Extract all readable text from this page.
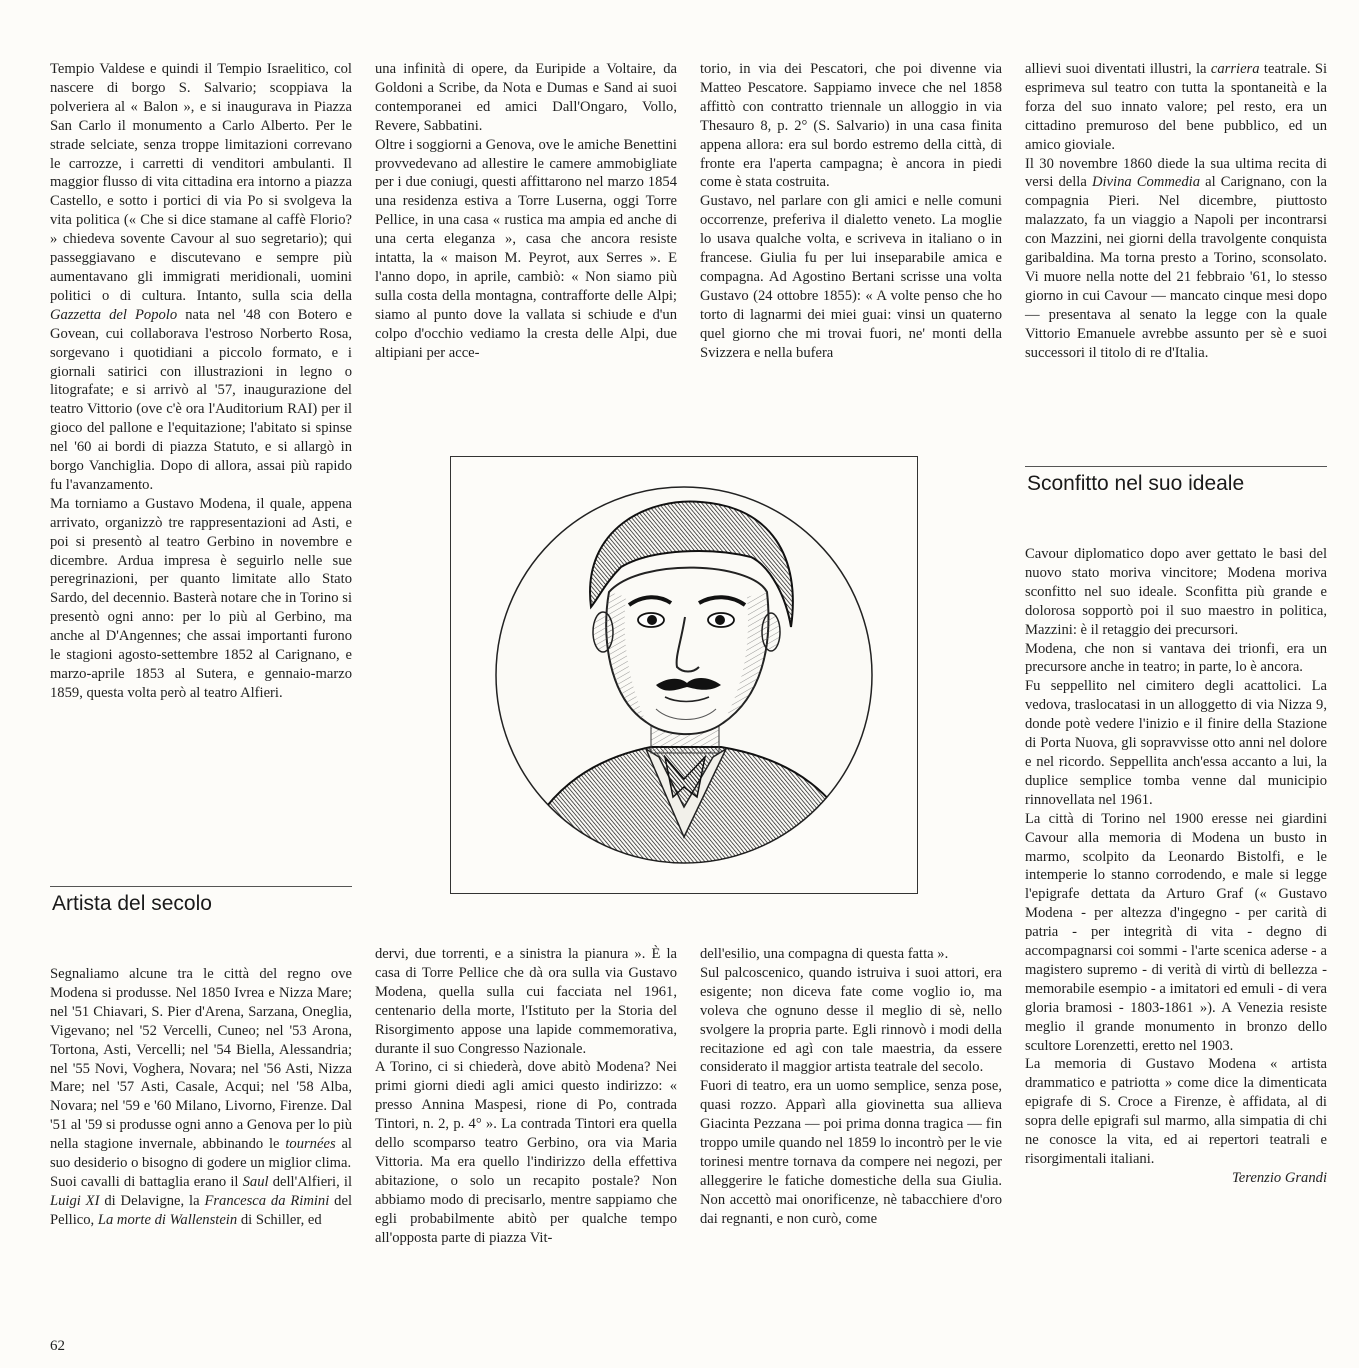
Tempio Valdese e quindi il Tempio Israelitico, col nascere di borgo S. Salvario; scoppiava la polveriera al « Balon », e si inaugurava in Piazza San Carlo il monumento a Carlo Alberto. Per le strade selciate, senza troppe limitazioni correvano le carrozze, i carretti di venditori ambulanti. Il maggior flusso di vita cittadina era intorno a piazza Castello, e sotto i portici di via Po si svolgeva la vita politica (« Che si dice stamane al caffè Florio? » chiedeva sovente Cavour al suo segretario); qui passeggiavano e discutevano e sempre più aumentavano gli immigrati meridionali, uomini politici o di cultura. Intanto, sulla scia della Gazzetta del Popolo nata nel '48 con Botero e Govean, cui collaborava l'estroso Norberto Rosa, sorgevano i quotidiani a piccolo formato, e i giornali satirici con illustrazioni in legno o litografate; e si arrivò al '57, inaugurazione del teatro Vittorio (ove c'è ora l'Auditorium RAI) per il gioco del pallone e l'equitazione; l'abitato si spinse nel '60 ai bordi di piazza Statuto, e si allargò in borgo Vanchiglia. Dopo di allora, assai più rapido fu l'avanzamento.

Ma torniamo a Gustavo Modena, il quale, appena arrivato, organizzò tre rappresentazioni ad Asti, e poi si presentò al teatro Gerbino in novembre e dicembre. Ardua impresa è seguirlo nelle sue peregrinazioni, per quanto limitate allo Stato Sardo, del decennio. Basterà notare che in Torino si presentò ogni anno: per lo più al Gerbino, ma anche al D'Angennes; che assai importanti furono le stagioni agosto-settembre 1852 al Carignano, e marzo-aprile 1853 al Sutera, e gennaio-marzo 1859, questa volta però al teatro Alfieri.

Artista del secolo

Segnaliamo alcune tra le città del regno ove Modena si produsse. Nel 1850 Ivrea e Nizza Mare; nel '51 Chiavari, S. Pier d'Arena, Sarzana, Oneglia, Vigevano; nel '52 Vercelli, Cuneo; nel '53 Arona, Tortona, Asti, Vercelli; nel '54 Biella, Alessandria; nel '55 Novi, Voghera, Novara; nel '56 Asti, Nizza Mare; nel '57 Asti, Casale, Acqui; nel '58 Alba, Novara; nel '59 e '60 Milano, Livorno, Firenze. Dal '51 al '59 si produsse ogni anno a Genova per lo più nella stagione invernale, abbinando le tournées al suo desiderio o bisogno di godere un miglior clima.

Suoi cavalli di battaglia erano il Saul dell'Alfieri, il Luigi XI di Delavigne, la Francesca da Rimini del Pellico, La morte di Wallenstein di Schiller, ed

una infinità di opere, da Euripide a Voltaire, da Goldoni a Scribe, da Nota e Dumas e Sand ai suoi contemporanei ed amici Dall'Ongaro, Vollo, Revere, Sabbatini.

Oltre i soggiorni a Genova, ove le amiche Benettini provvedevano ad allestire le camere ammobigliate per i due coniugi, questi affittarono nel marzo 1854 una residenza estiva a Torre Luserna, oggi Torre Pellice, in una casa « rustica ma ampia ed anche di una certa eleganza », casa che ancora resiste intatta, la « maison M. Peyrot, aux Serres ». E l'anno dopo, in aprile, cambiò: « Non siamo più sulla costa della montagna, contrafforte delle Alpi; siamo al punto dove la vallata si schiude e d'un colpo d'occhio vediamo la cresta delle Alpi, due altipiani per acce-

torio, in via dei Pescatori, che poi divenne via Matteo Pescatore. Sappiamo invece che nel 1858 affittò con contratto triennale un alloggio in via Thesauro 8, p. 2° (S. Salvario) in una casa finita appena allora: era sul bordo estremo della città, di fronte era l'aperta campagna; è ancora in piedi come è stata costruita.

Gustavo, nel parlare con gli amici e nelle comuni occorrenze, preferiva il dialetto veneto. La moglie lo usava qualche volta, e scriveva in italiano o in francese. Giulia fu per lui inseparabile amica e compagna. Ad Agostino Bertani scrisse una volta Gustavo (24 ottobre 1855): « A volte penso che ho torto di lagnarmi dei miei guai: vinsi un quaterno quel giorno che mi trovai fuori, ne' monti della Svizzera e nella bufera

dervi, due torrenti, e a sinistra la pianura ». È la casa di Torre Pellice che dà ora sulla via Gustavo Modena, quella sulla cui facciata nel 1961, centenario della morte, l'Istituto per la Storia del Risorgimento appose una lapide commemorativa, durante il suo Congresso Nazionale.

A Torino, ci si chiederà, dove abitò Modena? Nei primi giorni diedi agli amici questo indirizzo: « presso Annina Maspesi, rione di Po, contrada Tintori, n. 2, p. 4° ». La contrada Tintori era quella dello scomparso teatro Gerbino, ora via Maria Vittoria. Ma era quello l'indirizzo della effettiva abitazione, o solo un recapito postale? Non abbiamo modo di precisarlo, mentre sappiamo che egli probabilmente abitò per qualche tempo all'opposta parte di piazza Vit-

dell'esilio, una compagna di questa fatta ».

Sul palcoscenico, quando istruiva i suoi attori, era esigente; non diceva fate come voglio io, ma voleva che ognuno desse il meglio di sè, nello svolgere la propria parte. Egli rinnovò i modi della recitazione ed agì con tale maestria, da essere considerato il maggior artista teatrale del secolo.

Fuori di teatro, era un uomo semplice, senza pose, quasi rozzo. Apparì alla giovinetta sua allieva Giacinta Pezzana — poi prima donna tragica — fin troppo umile quando nel 1859 lo incontrò per le vie torinesi mentre tornava da compere nei negozi, per alleggerire le fatiche domestiche della sua Giulia. Non accettò mai onorificenze, nè tabacchiere d'oro dai regnanti, e non curò, come

allievi suoi diventati illustri, la carriera teatrale. Si esprimeva sul teatro con tutta la spontaneità e la forza del suo innato valore; pel resto, era un cittadino premuroso del bene pubblico, ed un amico gioviale.

Il 30 novembre 1860 diede la sua ultima recita di versi della Divina Commedia al Carignano, con la compagnia Pieri. Nel dicembre, piuttosto malazzato, fa un viaggio a Napoli per incontrarsi con Mazzini, nei giorni della travolgente conquista garibaldina. Ma torna presto a Torino, sconsolato. Vi muore nella notte del 21 febbraio '61, lo stesso giorno in cui Cavour — mancato cinque mesi dopo — presentava al senato la legge con la quale Vittorio Emanuele avrebbe assunto per sè e suoi successori il titolo di re d'Italia.

Sconfitto nel suo ideale

Cavour diplomatico dopo aver gettato le basi del nuovo stato moriva vincitore; Modena moriva sconfitto nel suo ideale. Sconfitta più grande e dolorosa sopportò poi il suo maestro in politica, Mazzini: è il retaggio dei precursori.

Modena, che non si vantava dei trionfi, era un precursore anche in teatro; in parte, lo è ancora.

Fu seppellito nel cimitero degli acattolici. La vedova, traslocatasi in un alloggetto di via Nizza 9, donde potè vedere l'inizio e il finire della Stazione di Porta Nuova, gli sopravvisse otto anni nel dolore e nel ricordo. Seppellita anch'essa accanto a lui, la duplice semplice tomba venne dal municipio rinnovellata nel 1961.

La città di Torino nel 1900 eresse nei giardini Cavour alla memoria di Modena un busto in marmo, scolpito da Leonardo Bistolfi, e le intemperie lo stanno corrodendo, e male si legge l'epigrafe dettata da Arturo Graf (« Gustavo Modena - per altezza d'ingegno - per carità di patria - per integrità di vita - degno di accompagnarsi coi sommi - l'arte scenica aderse - a magistero supremo - di verità di virtù di bellezza - memorabile esempio - a imitatori ed emuli - di vera gloria bramosi - 1803-1861 »). A Venezia resiste meglio il grande monumento in bronzo dello scultore Lorenzetti, eretto nel 1903.

La memoria di Gustavo Modena « artista drammatico e patriotta » come dice la dimenticata epigrafe di S. Croce a Firenze, è affidata, al di sopra delle epigrafi sul marmo, alla simpatia di chi ne conosce la vita, ed ai repertori teatrali e risorgimentali italiani.

Terenzio Grandi

62
